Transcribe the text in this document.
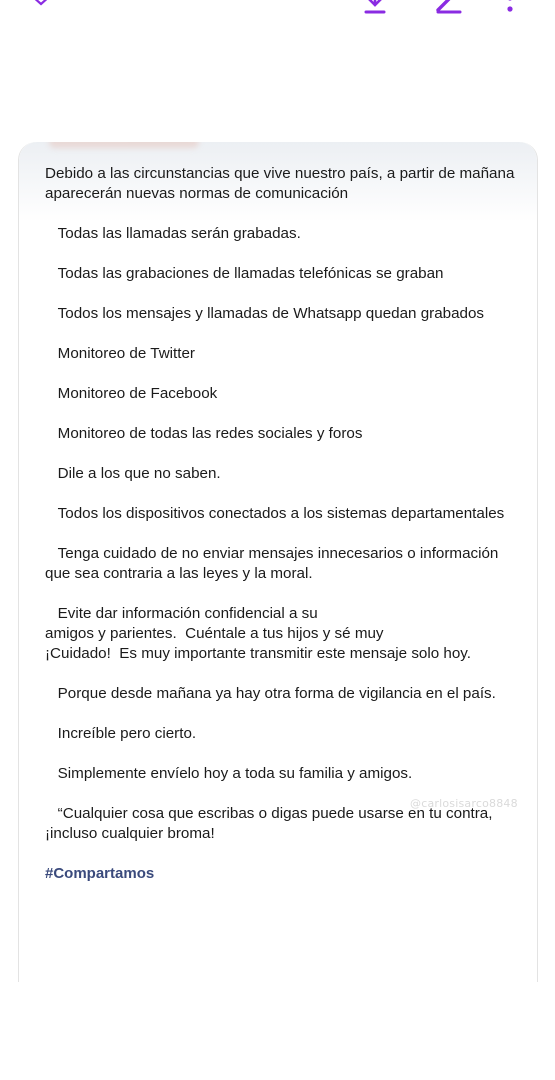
Debido a las circunstancias que vive nuestro país, a partir de mañana aparecerán nuevas normas de comunicación

Todas las llamadas serán grabadas.

Todas las grabaciones de llamadas telefónicas se graban

Todos los mensajes y llamadas de Whatsapp quedan grabados

Monitoreo de Twitter

Monitoreo de Facebook

Monitoreo de todas las redes sociales y foros

Dile a los que no saben.

Todos los dispositivos conectados a los sistemas departamentales

Tenga cuidado de no enviar mensajes innecesarios o información que sea contraria a las leyes y la moral.

Evite dar información confidencial a su
amigos y parientes.  Cuéntale a tus hijos y sé muy
¡Cuidado!  Es muy importante transmitir este mensaje solo hoy.

Porque desde mañana ya hay otra forma de vigilancia en el país.

Increíble pero cierto.

Simplemente envíelo hoy a toda su familia y amigos.

“Cualquier cosa que escribas o digas puede usarse en tu contra, ¡incluso cualquier broma!

#Compartamos
@carlosisarco8848
